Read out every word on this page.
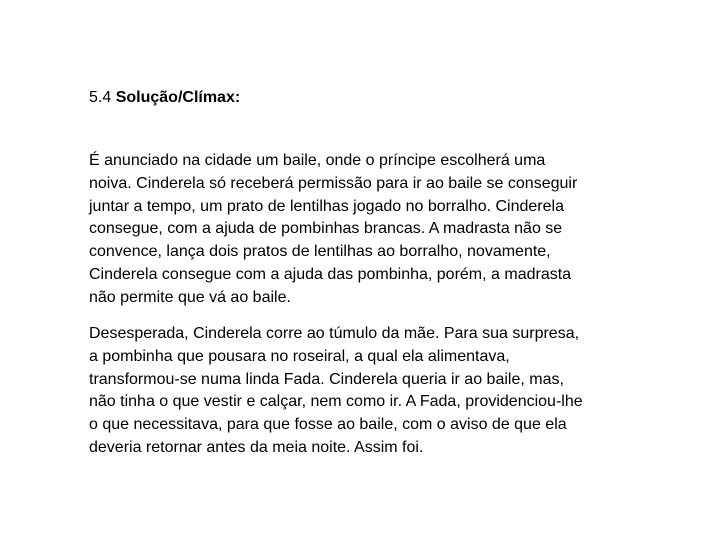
5.4 Solução/Clímax:

É anunciado na cidade um baile, onde o príncipe escolherá uma
noiva. Cinderela só receberá permissão para ir ao baile se conseguir
juntar a tempo, um prato de lentilhas jogado no borralho. Cinderela
consegue, com a ajuda de pombinhas brancas. A madrasta não se
convence, lança dois pratos de lentilhas ao borralho, novamente,
Cinderela consegue com a ajuda das pombinha, porém, a madrasta
não permite que vá ao baile.

Desesperada, Cinderela corre ao túmulo da mãe. Para sua surpresa,
a pombinha que pousara no roseiral, a qual ela alimentava,
transformou-se numa linda Fada. Cinderela queria ir ao baile, mas,
não tinha o que vestir e calçar, nem como ir. A Fada, providenciou-lhe
o que necessitava, para que fosse ao baile, com o aviso de que ela
deveria retornar antes da meia noite. Assim foi.
